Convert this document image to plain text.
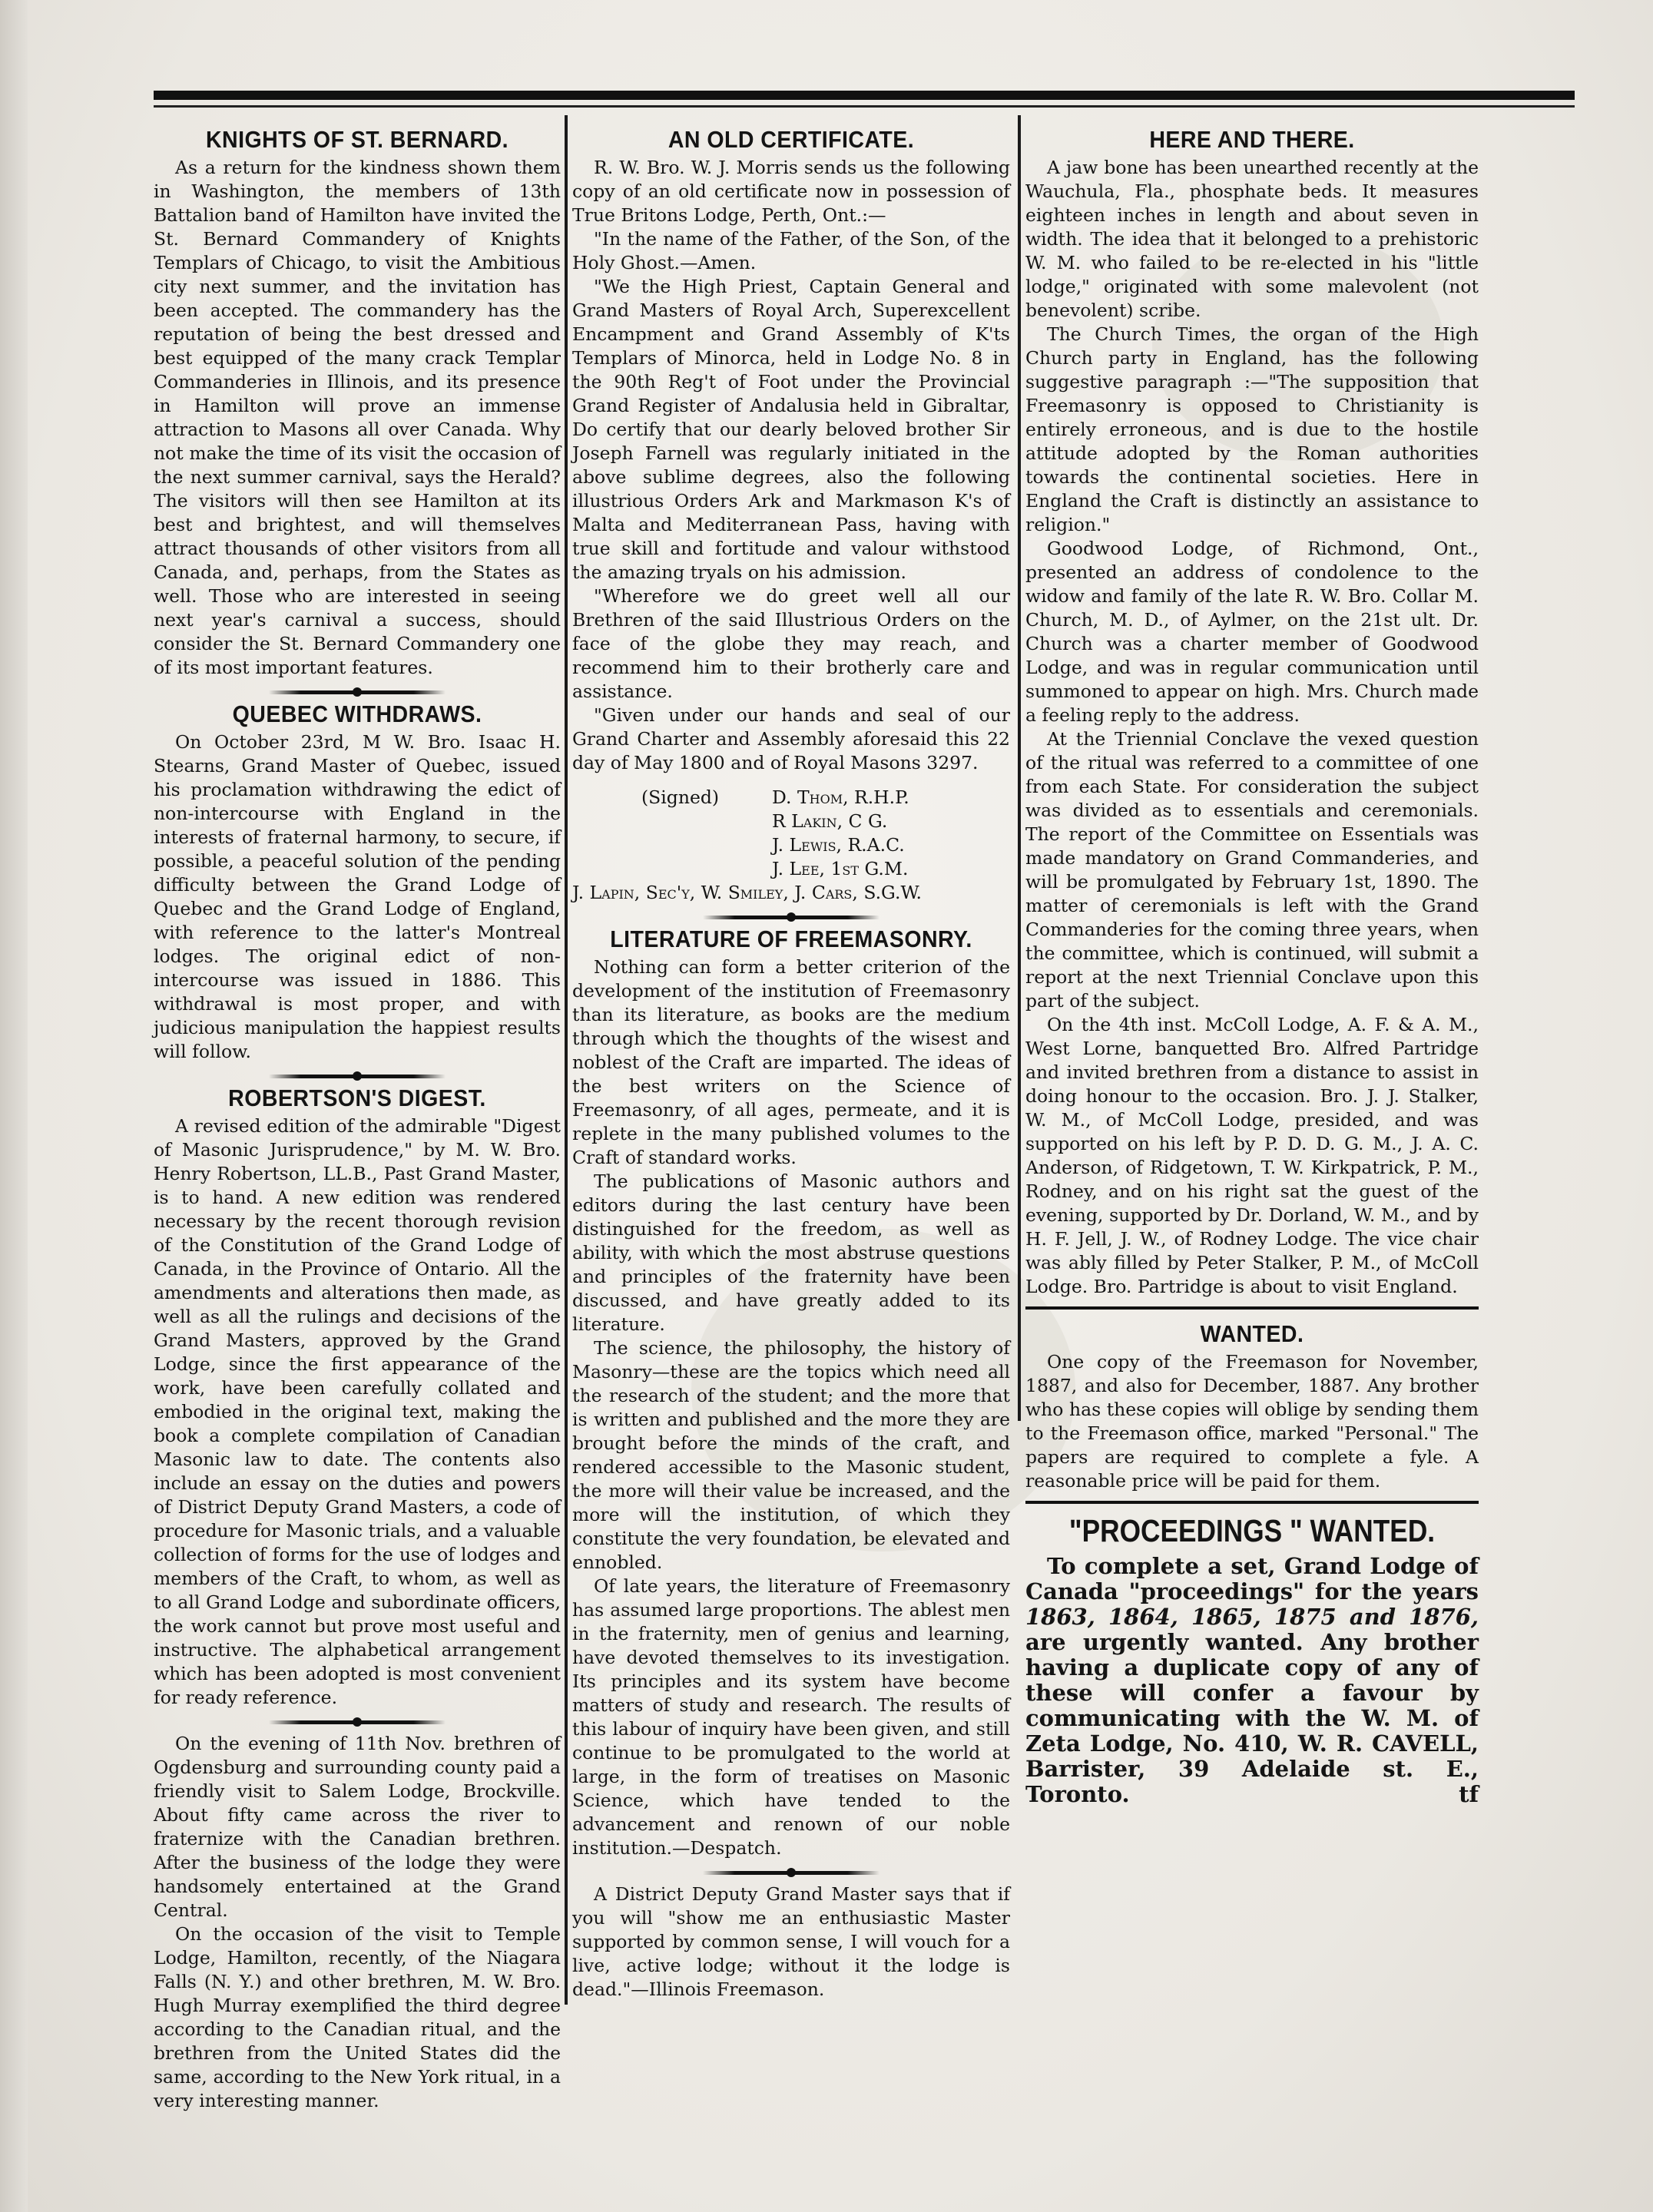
KNIGHTS OF ST. BERNARD.

As a return for the kindness shown them in Washington, the members of 13th Battalion band of Hamilton have invited the St. Bernard Commandery of Knights Templars of Chicago, to visit the Ambitious city next summer, and the invitation has been accepted. The commandery has the reputation of being the best dressed and best equipped of the many crack Templar Commanderies in Illinois, and its presence in Hamilton will prove an immense attraction to Masons all over Canada. Why not make the time of its visit the occasion of the next summer carnival, says the Herald? The visitors will then see Hamilton at its best and brightest, and will themselves attract thousands of other visitors from all Canada, and, perhaps, from the States as well. Those who are interested in seeing next year's carnival a success, should consider the St. Bernard Commandery one of its most important features.

QUEBEC WITHDRAWS.

On October 23rd, M W. Bro. Isaac H. Stearns, Grand Master of Quebec, issued his proclamation withdrawing the edict of non-intercourse with England in the interests of fraternal harmony, to secure, if possible, a peaceful solution of the pending difficulty between the Grand Lodge of Quebec and the Grand Lodge of England, with reference to the latter's Montreal lodges. The original edict of non-intercourse was issued in 1886. This withdrawal is most proper, and with judicious manipulation the happiest results will follow.

ROBERTSON'S DIGEST.

A revised edition of the admirable "Digest of Masonic Jurisprudence," by M. W. Bro. Henry Robertson, LL.B., Past Grand Master, is to hand. A new edition was rendered necessary by the recent thorough revision of the Constitution of the Grand Lodge of Canada, in the Province of Ontario. All the amendments and alterations then made, as well as all the rulings and decisions of the Grand Masters, approved by the Grand Lodge, since the first appearance of the work, have been carefully collated and embodied in the original text, making the book a complete compilation of Canadian Masonic law to date. The contents also include an essay on the duties and powers of District Deputy Grand Masters, a code of procedure for Masonic trials, and a valuable collection of forms for the use of lodges and members of the Craft, to whom, as well as to all Grand Lodge and subordinate officers, the work cannot but prove most useful and instructive. The alphabetical arrangement which has been adopted is most convenient for ready reference.

On the evening of 11th Nov. brethren of Ogdensburg and surrounding county paid a friendly visit to Salem Lodge, Brockville. About fifty came across the river to fraternize with the Canadian brethren. After the business of the lodge they were handsomely entertained at the Grand Central.

On the occasion of the visit to Temple Lodge, Hamilton, recently, of the Niagara Falls (N. Y.) and other brethren, M. W. Bro. Hugh Murray exemplified the third degree according to the Canadian ritual, and the brethren from the United States did the same, according to the New York ritual, in a very interesting manner.

AN OLD CERTIFICATE.

R. W. Bro. W. J. Morris sends us the following copy of an old certificate now in possession of True Britons Lodge, Perth, Ont.:—

"In the name of the Father, of the Son, of the Holy Ghost.—Amen.

"We the High Priest, Captain General and Grand Masters of Royal Arch, Superexcellent Encampment and Grand Assembly of K'ts Templars of Minorca, held in Lodge No. 8 in the 90th Reg't of Foot under the Provincial Grand Register of Andalusia held in Gibraltar, Do certify that our dearly beloved brother Sir Joseph Farnell was regularly initiated in the above sublime degrees, also the following illustrious Orders Ark and Markmason K's of Malta and Mediterranean Pass, having with true skill and fortitude and valour withstood the amazing tryals on his admission.

"Wherefore we do greet well all our Brethren of the said Illustrious Orders on the face of the globe they may reach, and recommend him to their brotherly care and assistance.

"Given under our hands and seal of our Grand Charter and Assembly aforesaid this 22 day of May 1800 and of Royal Masons 3297.

(Signed)	D. Thom, R.H.P.
R Lakin, C G.
J. Lewis, R.A.C.
J. Lee, 1st G.M.

J. Lapin, Sec'y, W. Smiley, J. Cars, S.G.W.

LITERATURE OF FREEMASONRY.

Nothing can form a better criterion of the development of the institution of Freemasonry than its literature, as books are the medium through which the thoughts of the wisest and noblest of the Craft are imparted. The ideas of the best writers on the Science of Freemasonry, of all ages, permeate, and it is replete in the many published volumes to the Craft of standard works.

The publications of Masonic authors and editors during the last century have been distinguished for the freedom, as well as ability, with which the most abstruse questions and principles of the fraternity have been discussed, and have greatly added to its literature.

The science, the philosophy, the history of Masonry—these are the topics which need all the research of the student; and the more that is written and published and the more they are brought before the minds of the craft, and rendered accessible to the Masonic student, the more will their value be increased, and the more will the institution, of which they constitute the very foundation, be elevated and ennobled.

Of late years, the literature of Freemasonry has assumed large proportions. The ablest men in the fraternity, men of genius and learning, have devoted themselves to its investigation. Its principles and its system have become matters of study and research. The results of this labour of inquiry have been given, and still continue to be promulgated to the world at large, in the form of treatises on Masonic Science, which have tended to the advancement and renown of our noble institution.—Despatch.

A District Deputy Grand Master says that if you will "show me an enthusiastic Master supported by common sense, I will vouch for a live, active lodge; without it the lodge is dead."—Illinois Freemason.

HERE AND THERE.

A jaw bone has been unearthed recently at the Wauchula, Fla., phosphate beds. It measures eighteen inches in length and about seven in width. The idea that it belonged to a prehistoric W. M. who failed to be re-elected in his "little lodge," originated with some malevolent (not benevolent) scribe.

The Church Times, the organ of the High Church party in England, has the following suggestive paragraph :—"The supposition that Freemasonry is opposed to Christianity is entirely erroneous, and is due to the hostile attitude adopted by the Roman authorities towards the continental societies. Here in England the Craft is distinctly an assistance to religion."

Goodwood Lodge, of Richmond, Ont., presented an address of condolence to the widow and family of the late R. W. Bro. Collar M. Church, M. D., of Aylmer, on the 21st ult. Dr. Church was a charter member of Goodwood Lodge, and was in regular communication until summoned to appear on high. Mrs. Church made a feeling reply to the address.

At the Triennial Conclave the vexed question of the ritual was referred to a committee of one from each State. For consideration the subject was divided as to essentials and ceremonials. The report of the Committee on Essentials was made mandatory on Grand Commanderies, and will be promulgated by February 1st, 1890. The matter of ceremonials is left with the Grand Commanderies for the coming three years, when the committee, which is continued, will submit a report at the next Triennial Conclave upon this part of the subject.

On the 4th inst. McColl Lodge, A. F. & A. M., West Lorne, banquetted Bro. Alfred Partridge and invited brethren from a distance to assist in doing honour to the occasion. Bro. J. J. Stalker, W. M., of McColl Lodge, presided, and was supported on his left by P. D. D. G. M., J. A. C. Anderson, of Ridgetown, T. W. Kirkpatrick, P. M., Rodney, and on his right sat the guest of the evening, supported by Dr. Dorland, W. M., and by H. F. Jell, J. W., of Rodney Lodge. The vice chair was ably filled by Peter Stalker, P. M., of McColl Lodge. Bro. Partridge is about to visit England.

WANTED.

One copy of the Freemason for November, 1887, and also for December, 1887. Any brother who has these copies will oblige by sending them to the Freemason office, marked "Personal." The papers are required to complete a fyle. A reasonable price will be paid for them.

"PROCEEDINGS " WANTED.
To complete a set, Grand Lodge of Canada "proceedings" for the years 1863, 1864, 1865, 1875 and 1876, are urgently wanted. Any brother having a duplicate copy of any of these will confer a favour by communicating with the W. M. of Zeta Lodge, No. 410, W. R. CAVELL, Barrister, 39 Adelaide st. E., Toronto.	tf
